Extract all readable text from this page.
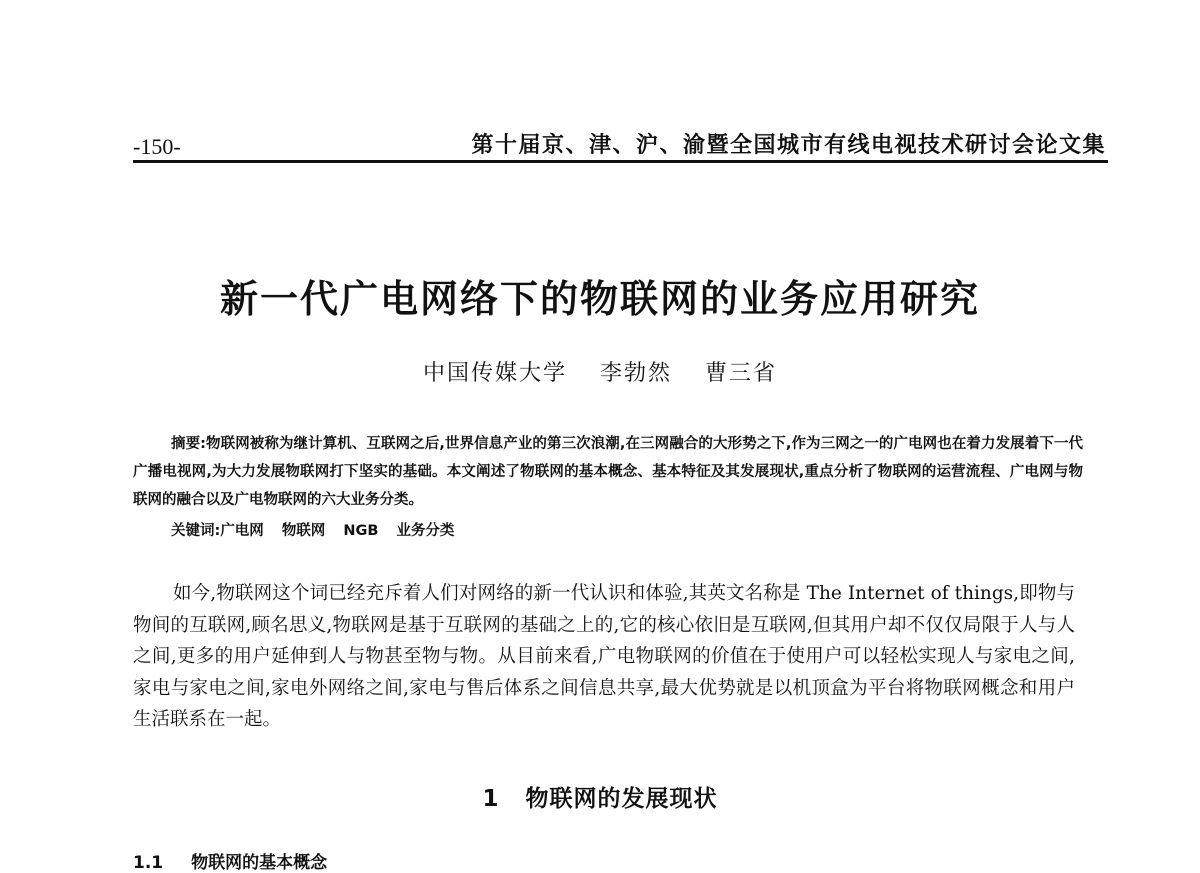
-150-	第十届京、津、沪、渝暨全国城市有线电视技术研讨会论文集
新一代广电网络下的物联网的业务应用研究
中国传媒大学 李勃然 曹三省
摘要:物联网被称为继计算机、互联网之后,世界信息产业的第三次浪潮,在三网融合的大形势之下,作为三网之一的广电网也在着力发展着下一代广播电视网,为大力发展物联网打下坚实的基础。本文阐述了物联网的基本概念、基本特征及其发展现状,重点分析了物联网的运营流程、广电网与物联网的融合以及广电物联网的六大业务分类。
关键词:广电网 物联网 NGB 业务分类

如今,物联网这个词已经充斥着人们对网络的新一代认识和体验,其英文名称是 The Internet of things,即物与物间的互联网,顾名思义,物联网是基于互联网的基础之上的,它的核心依旧是互联网,但其用户却不仅仅局限于人与人之间,更多的用户延伸到人与物甚至物与物。从目前来看,广电物联网的价值在于使用户可以轻松实现人与家电之间,家电与家电之间,家电外网络之间,家电与售后体系之间信息共享,最大优势就是以机顶盒为平台将物联网概念和用户生活联系在一起。

1 物联网的发展现状
1.1 物联网的基本概念
